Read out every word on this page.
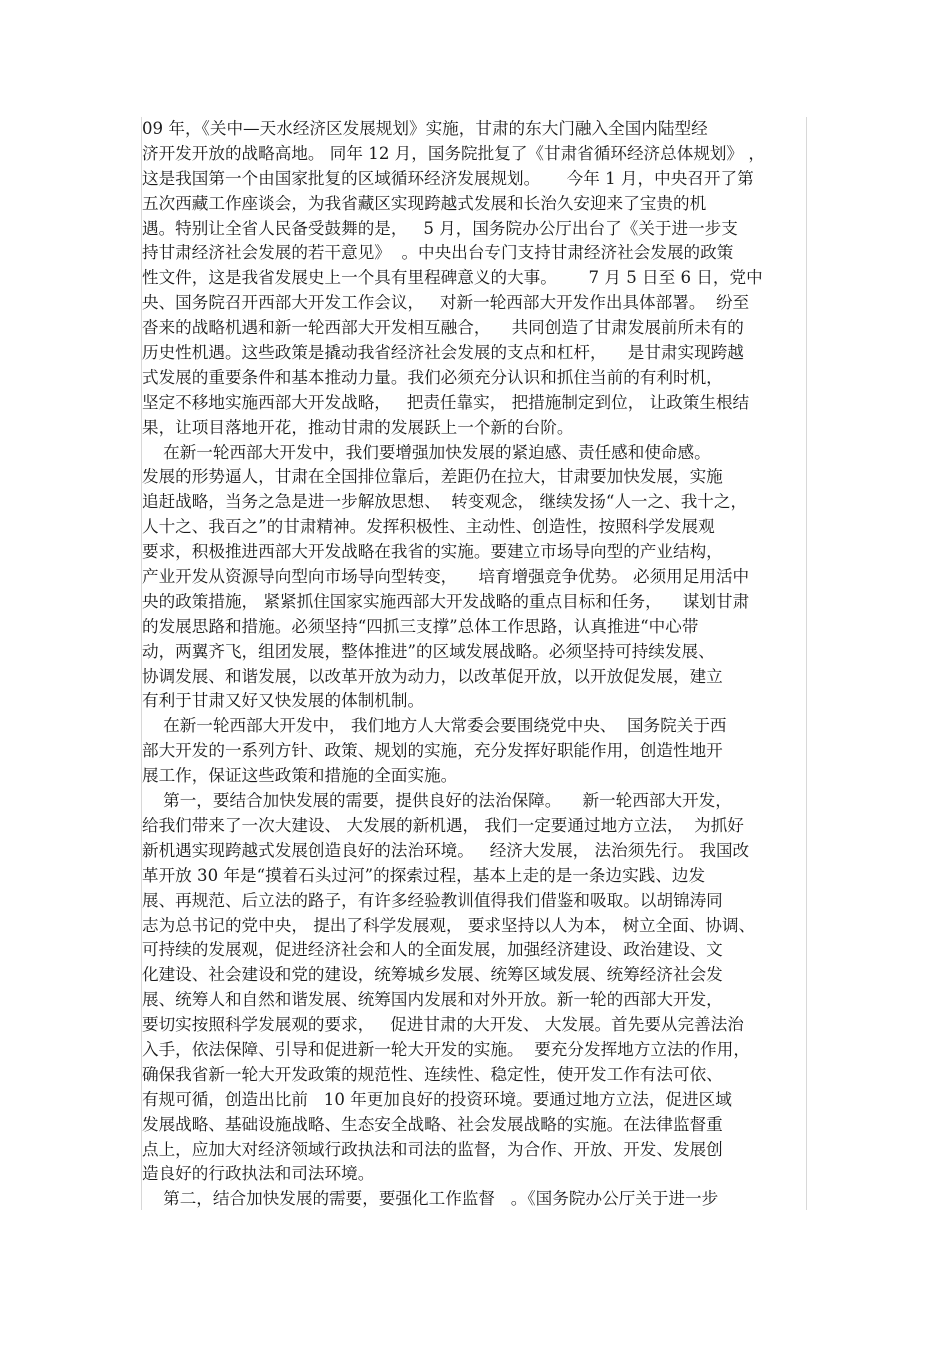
09 年，《关中—天水经济区发展规划》实施，甘肃的东大门融入全国内陆型经
济开发开放的战略高地。 同年 12 月，国务院批复了《甘肃省循环经济总体规划》 ，
这是我国第一个由国家批复的区域循环经济发展规划。     今年 1 月，中央召开了第
五次西藏工作座谈会，为我省藏区实现跨越式发展和长治久安迎来了宝贵的机
遇。特别让全省人民备受鼓舞的是，   5 月，国务院办公厅出台了《关于进一步支
持甘肃经济社会发展的若干意见》  。中央出台专门支持甘肃经济社会发展的政策
性文件，这是我省发展史上一个具有里程碑意义的大事。      7 月 5 日至 6 日，党中
央、国务院召开西部大开发工作会议，   对新一轮西部大开发作出具体部署。  纷至
沓来的战略机遇和新一轮西部大开发相互融合，    共同创造了甘肃发展前所未有的
历史性机遇。这些政策是撬动我省经济社会发展的支点和杠杆，    是甘肃实现跨越
式发展的重要条件和基本推动力量。我们必须充分认识和抓住当前的有利时机，
坚定不移地实施西部大开发战略，   把责任靠实， 把措施制定到位， 让政策生根结
果，让项目落地开花，推动甘肃的发展跃上一个新的台阶。
在新一轮西部大开发中，我们要增强加快发展的紧迫感、责任感和使命感。
发展的形势逼人，甘肃在全国排位靠后，差距仍在拉大，甘肃要加快发展，实施
追赶战略，当务之急是进一步解放思想、  转变观念， 继续发扬“人一之、我十之，
人十之、我百之”的甘肃精神。发挥积极性、主动性、创造性，按照科学发展观
要求，积极推进西部大开发战略在我省的实施。要建立市场导向型的产业结构，
产业开发从资源导向型向市场导向型转变，    培育增强竞争优势。 必须用足用活中
央的政策措施， 紧紧抓住国家实施西部大开发战略的重点目标和任务，    谋划甘肃
的发展思路和措施。必须坚持“四抓三支撑”总体工作思路，认真推进“中心带
动，两翼齐飞，组团发展，整体推进”的区域发展战略。必须坚持可持续发展、
协调发展、和谐发展，以改革开放为动力，以改革促开放，以开放促发展，建立
有利于甘肃又好又快发展的体制机制。
在新一轮西部大开发中， 我们地方人大常委会要围绕党中央、  国务院关于西
部大开发的一系列方针、政策、规划的实施，充分发挥好职能作用，创造性地开
展工作，保证这些政策和措施的全面实施。
第一，要结合加快发展的需要，提供良好的法治保障。    新一轮西部大开发，
给我们带来了一次大建设、 大发展的新机遇， 我们一定要通过地方立法，  为抓好
新机遇实现跨越式发展创造良好的法治环境。   经济大发展， 法治须先行。 我国改
革开放 30 年是“摸着石头过河”的探索过程，基本上走的是一条边实践、边发
展、再规范、后立法的路子，有许多经验教训值得我们借鉴和吸取。以胡锦涛同
志为总书记的党中央， 提出了科学发展观， 要求坚持以人为本， 树立全面、协调、
可持续的发展观，促进经济社会和人的全面发展，加强经济建设、政治建设、文
化建设、社会建设和党的建设，统筹城乡发展、统筹区域发展、统筹经济社会发
展、统筹人和自然和谐发展、统筹国内发展和对外开放。新一轮的西部大开发，
要切实按照科学发展观的要求，   促进甘肃的大开发、 大发展。首先要从完善法治
入手，依法保障、引导和促进新一轮大开发的实施。  要充分发挥地方立法的作用，
确保我省新一轮大开发政策的规范性、连续性、稳定性，使开发工作有法可依、
有规可循，创造出比前   10 年更加良好的投资环境。要通过地方立法，促进区域
发展战略、基础设施战略、生态安全战略、社会发展战略的实施。在法律监督重
点上，应加大对经济领域行政执法和司法的监督，为合作、开放、开发、发展创
造良好的行政执法和司法环境。
第二，结合加快发展的需要，要强化工作监督   。《国务院办公厅关于进一步
